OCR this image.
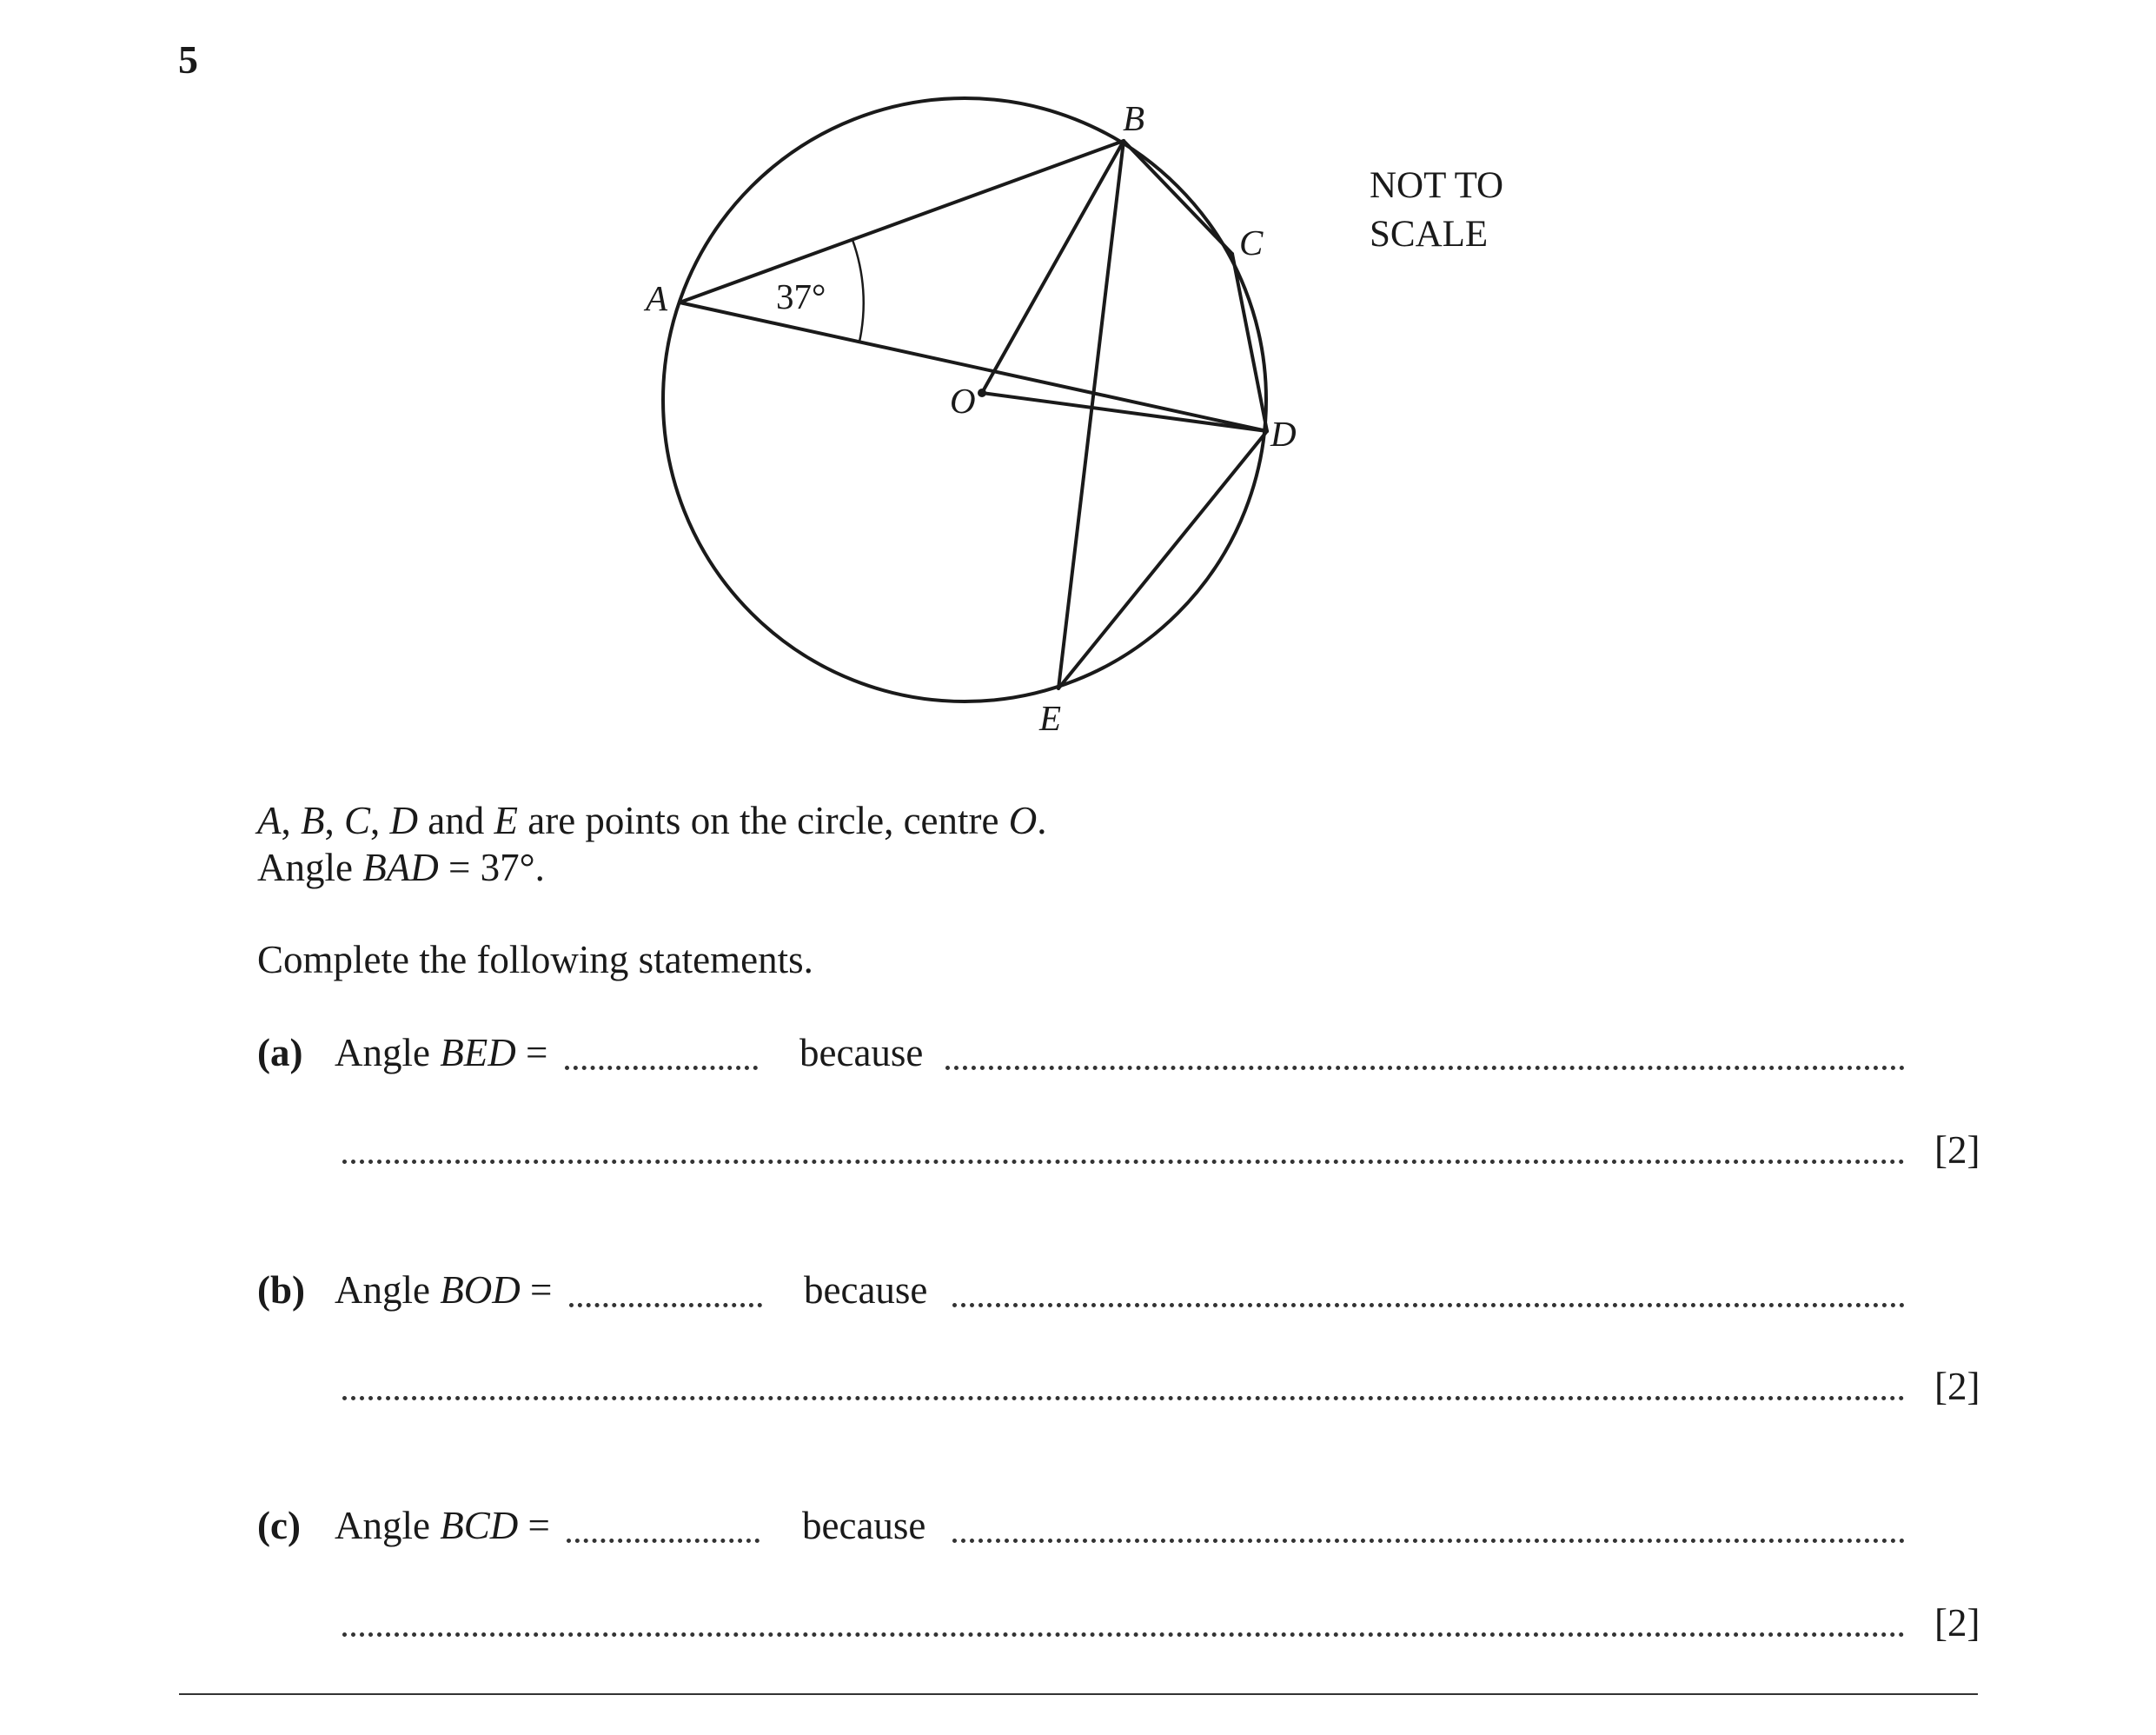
5
A
B
C
D
E
O
37°
NOT TO
SCALE
A, B, C, D and E are points on the circle, centre O.
Angle BAD = 37°.
Complete the following statements.
(a) Angle BED =	because
[2]
(b) Angle BOD =	because
[2]
(c) Angle BCD =	because
[2]
